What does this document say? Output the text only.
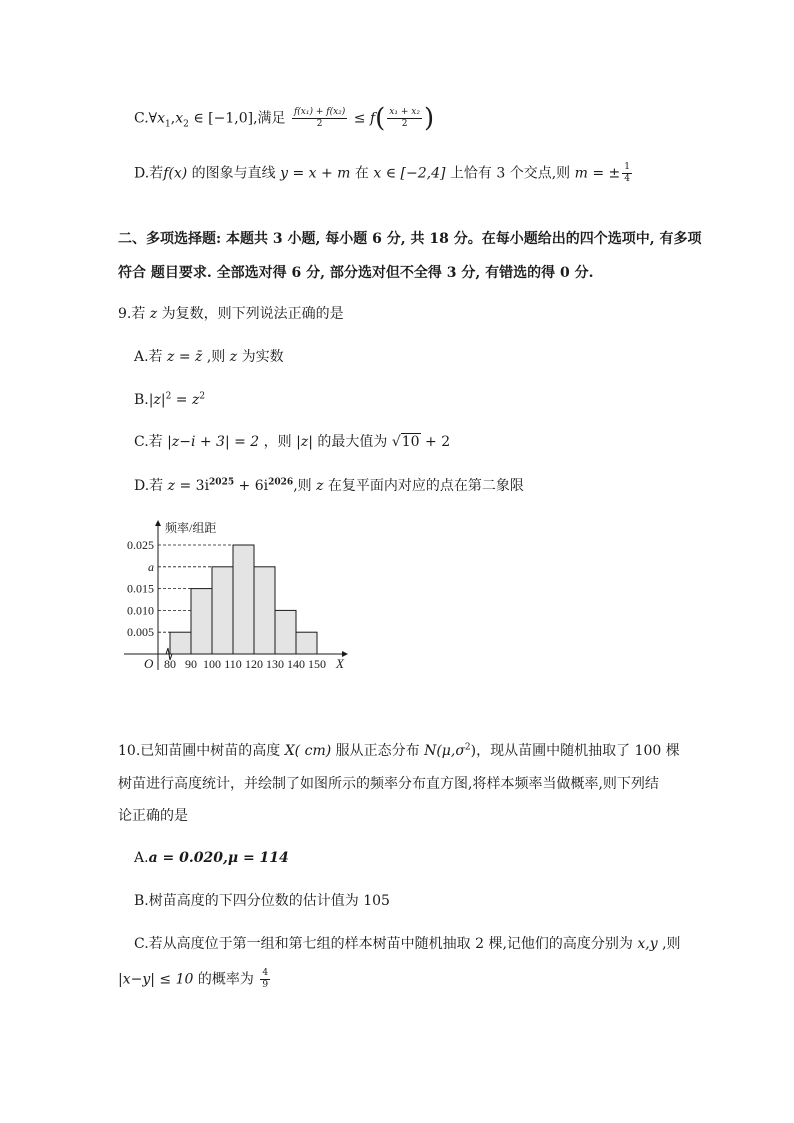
$C.\forall x_1,x_2$ ∈ [−1,0],满足 $\frac{\text{f(x₁) + f(x₂)}}{2} \le f( \frac{\text{x₁ + x₂}}{2}$ )
D.若f(x) 的图象与直线 y = x + m 在 x ∈ [−2,4] 上恰有 3 个交点,则 m = ± $\frac{1}{4}$
二、多项选择题: 本题共 3 小题, 每小题 6 分, 共 18 分。在每小题给出的四个选项中, 有多项
符合 题目要求. 全部选对得 6 分, 部分选对但不全得 3 分, 有错选的得 0 分.
9.若 z 为复数，则下列说法正确的是
A.若 z = z̄ ,则 z 为实数
$B.|z|^2 = z^2$
C.若 |z−i + 3| = 2 ，则 |z| 的最大值为 √10 + 2
D.若 $z = 3i^{2025} + 6i^{2026}$,则 z 在复平面内对应的点在第二象限
0.005
0.010
0.015
a
0.025
80 90 100 110 120 130 140 150
频率/组距
O	X
10.已知苗圃中树苗的高度 X( cm) 服从正态分布 $N(\mu,\sigma^2)$，现从苗圃中随机抽取了 100 棵
树苗进行高度统计，并绘制了如图所示的频率分布直方图,将样本频率当做概率,则下列结
论正确的是
A.a = 0.020,μ = 114
B.树苗高度的下四分位数的估计值为 105
C.若从高度位于第一组和第七组的样本树苗中随机抽取 2 棵,记他们的高度分别为 x,y ,则
|x−y| ≤ 10 的概率为 $\frac{4}{9}$
